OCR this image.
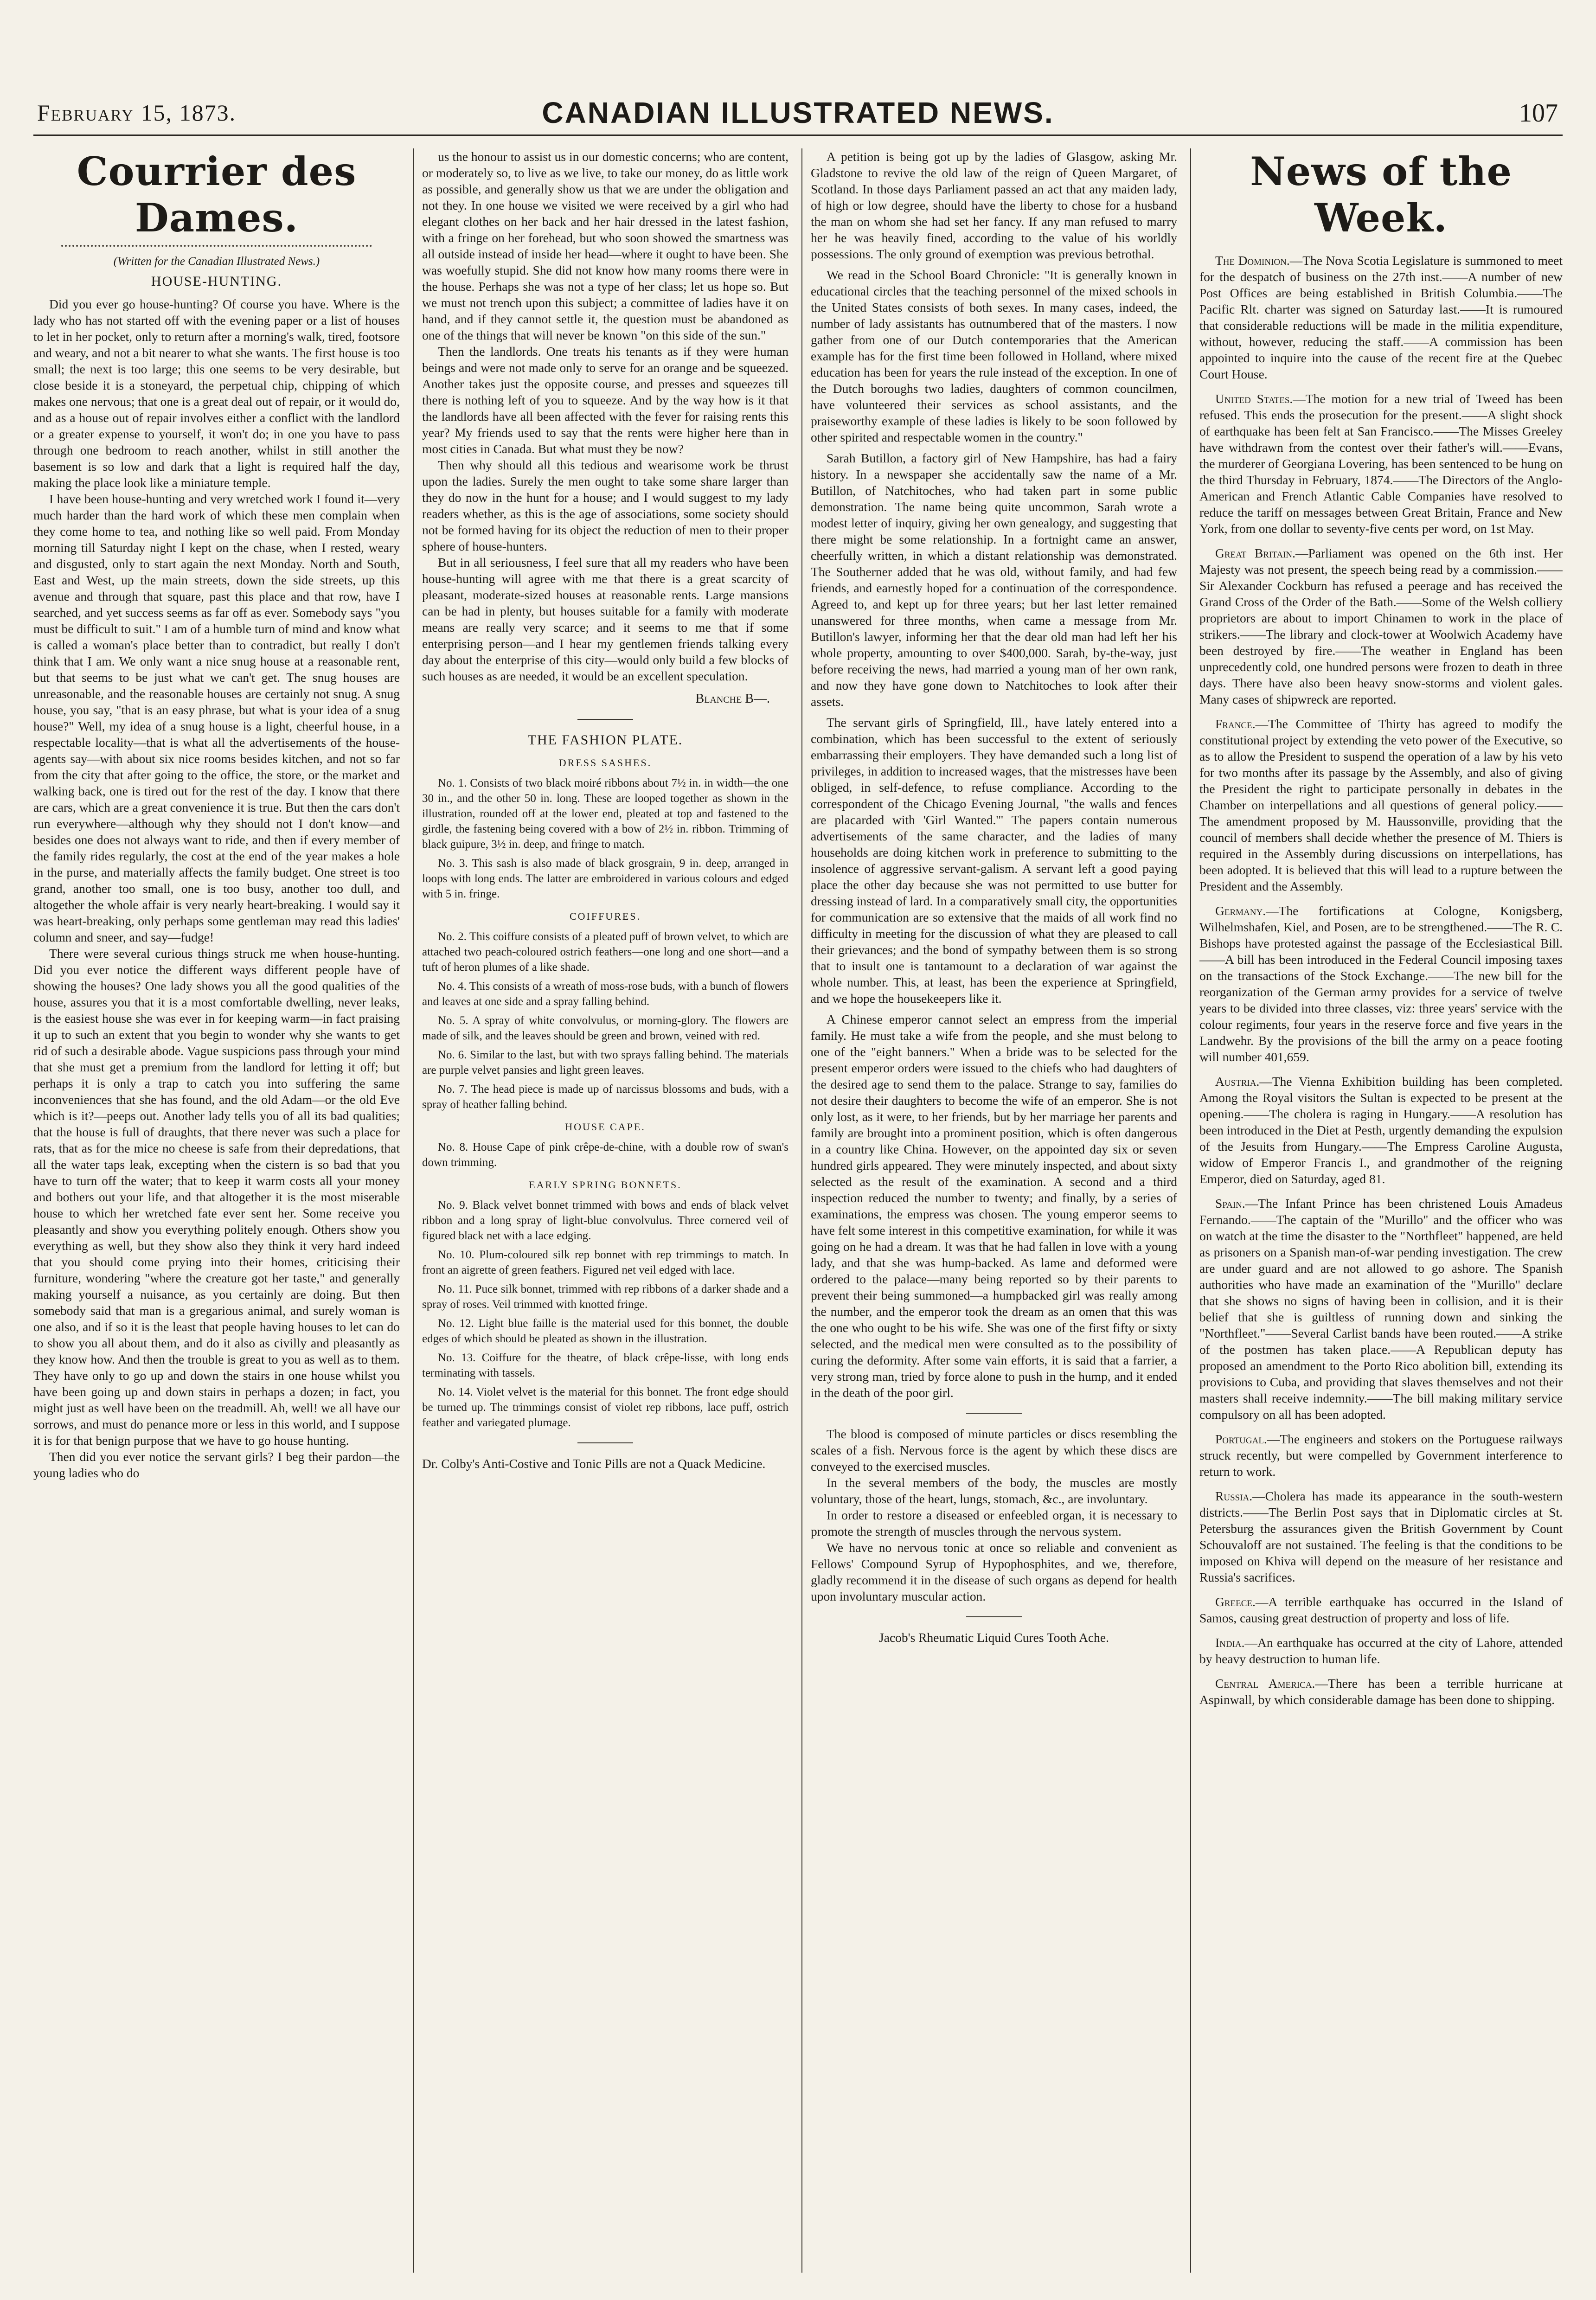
February 15, 1873.	CANADIAN ILLUSTRATED NEWS.	107
Courrier des Dames.
(Written for the Canadian Illustrated News.)
HOUSE-HUNTING.

Did you ever go house-hunting? Of course you have. Where is the lady who has not started off with the evening paper or a list of houses to let in her pocket, only to return after a morning's walk, tired, footsore and weary, and not a bit nearer to what she wants. The first house is too small; the next is too large; this one seems to be very desirable, but close beside it is a stoneyard, the perpetual chip, chipping of which makes one nervous; that one is a great deal out of repair, or it would do, and as a house out of repair involves either a conflict with the landlord or a greater expense to yourself, it won't do; in one you have to pass through one bedroom to reach another, whilst in still another the basement is so low and dark that a light is required half the day, making the place look like a miniature temple.

I have been house-hunting and very wretched work I found it—very much harder than the hard work of which these men complain when they come home to tea, and nothing like so well paid. From Monday morning till Saturday night I kept on the chase, when I rested, weary and disgusted, only to start again the next Monday. North and South, East and West, up the main streets, down the side streets, up this avenue and through that square, past this place and that row, have I searched, and yet success seems as far off as ever. Somebody says "you must be difficult to suit." I am of a humble turn of mind and know what is called a woman's place better than to contradict, but really I don't think that I am. We only want a nice snug house at a reasonable rent, but that seems to be just what we can't get. The snug houses are unreasonable, and the reasonable houses are certainly not snug. A snug house, you say, "that is an easy phrase, but what is your idea of a snug house?" Well, my idea of a snug house is a light, cheerful house, in a respectable locality—that is what all the advertisements of the house-agents say—with about six nice rooms besides kitchen, and not so far from the city that after going to the office, the store, or the market and walking back, one is tired out for the rest of the day. I know that there are cars, which are a great convenience it is true. But then the cars don't run everywhere—although why they should not I don't know—and besides one does not always want to ride, and then if every member of the family rides regularly, the cost at the end of the year makes a hole in the purse, and materially affects the family budget. One street is too grand, another too small, one is too busy, another too dull, and altogether the whole affair is very nearly heart-breaking. I would say it was heart-breaking, only perhaps some gentleman may read this ladies' column and sneer, and say—fudge!

There were several curious things struck me when house-hunting. Did you ever notice the different ways different people have of showing the houses? One lady shows you all the good qualities of the house, assures you that it is a most comfortable dwelling, never leaks, is the easiest house she was ever in for keeping warm—in fact praising it up to such an extent that you begin to wonder why she wants to get rid of such a desirable abode. Vague suspicions pass through your mind that she must get a premium from the landlord for letting it off; but perhaps it is only a trap to catch you into suffering the same inconveniences that she has found, and the old Adam—or the old Eve which is it?—peeps out. Another lady tells you of all its bad qualities; that the house is full of draughts, that there never was such a place for rats, that as for the mice no cheese is safe from their depredations, that all the water taps leak, excepting when the cistern is so bad that you have to turn off the water; that to keep it warm costs all your money and bothers out your life, and that altogether it is the most miserable house to which her wretched fate ever sent her. Some receive you pleasantly and show you everything politely enough. Others show you everything as well, but they show also they think it very hard indeed that you should come prying into their homes, criticising their furniture, wondering "where the creature got her taste," and generally making yourself a nuisance, as you certainly are doing. But then somebody said that man is a gregarious animal, and surely woman is one also, and if so it is the least that people having houses to let can do to show you all about them, and do it also as civilly and pleasantly as they know how. And then the trouble is great to you as well as to them. They have only to go up and down the stairs in one house whilst you have been going up and down stairs in perhaps a dozen; in fact, you might just as well have been on the treadmill. Ah, well! we all have our sorrows, and must do penance more or less in this world, and I suppose it is for that benign purpose that we have to go house hunting.

Then did you ever notice the servant girls? I beg their pardon—the young ladies who do

us the honour to assist us in our domestic concerns; who are content, or moderately so, to live as we live, to take our money, do as little work as possible, and generally show us that we are under the obligation and not they. In one house we visited we were received by a girl who had elegant clothes on her back and her hair dressed in the latest fashion, with a fringe on her forehead, but who soon showed the smartness was all outside instead of inside her head—where it ought to have been. She was woefully stupid. She did not know how many rooms there were in the house. Perhaps she was not a type of her class; let us hope so. But we must not trench upon this subject; a committee of ladies have it on hand, and if they cannot settle it, the question must be abandoned as one of the things that will never be known "on this side of the sun."

Then the landlords. One treats his tenants as if they were human beings and were not made only to serve for an orange and be squeezed. Another takes just the opposite course, and presses and squeezes till there is nothing left of you to squeeze. And by the way how is it that the landlords have all been affected with the fever for raising rents this year? My friends used to say that the rents were higher here than in most cities in Canada. But what must they be now?

Then why should all this tedious and wearisome work be thrust upon the ladies. Surely the men ought to take some share larger than they do now in the hunt for a house; and I would suggest to my lady readers whether, as this is the age of associations, some society should not be formed having for its object the reduction of men to their proper sphere of house-hunters.

But in all seriousness, I feel sure that all my readers who have been house-hunting will agree with me that there is a great scarcity of pleasant, moderate-sized houses at reasonable rents. Large mansions can be had in plenty, but houses suitable for a family with moderate means are really very scarce; and it seems to me that if some enterprising person—and I hear my gentlemen friends talking every day about the enterprise of this city—would only build a few blocks of such houses as are needed, it would be an excellent speculation.

Blanche B—.
THE FASHION PLATE.
DRESS SASHES.

No. 1. Consists of two black moiré ribbons about 7½ in. in width—the one 30 in., and the other 50 in. long. These are looped together as shown in the illustration, rounded off at the lower end, pleated at top and fastened to the girdle, the fastening being covered with a bow of 2½ in. ribbon. Trimming of black guipure, 3½ in. deep, and fringe to match.

No. 3. This sash is also made of black grosgrain, 9 in. deep, arranged in loops with long ends. The latter are embroidered in various colours and edged with 5 in. fringe.

COIFFURES.

No. 2. This coiffure consists of a pleated puff of brown velvet, to which are attached two peach-coloured ostrich feathers—one long and one short—and a tuft of heron plumes of a like shade.

No. 4. This consists of a wreath of moss-rose buds, with a bunch of flowers and leaves at one side and a spray falling behind.

No. 5. A spray of white convolvulus, or morning-glory. The flowers are made of silk, and the leaves should be green and brown, veined with red.

No. 6. Similar to the last, but with two sprays falling behind. The materials are purple velvet pansies and light green leaves.

No. 7. The head piece is made up of narcissus blossoms and buds, with a spray of heather falling behind.

HOUSE CAPE.

No. 8. House Cape of pink crêpe-de-chine, with a double row of swan's down trimming.

EARLY SPRING BONNETS.

No. 9. Black velvet bonnet trimmed with bows and ends of black velvet ribbon and a long spray of light-blue convolvulus. Three cornered veil of figured black net with a lace edging.

No. 10. Plum-coloured silk rep bonnet with rep trimmings to match. In front an aigrette of green feathers. Figured net veil edged with lace.

No. 11. Puce silk bonnet, trimmed with rep ribbons of a darker shade and a spray of roses. Veil trimmed with knotted fringe.

No. 12. Light blue faille is the material used for this bonnet, the double edges of which should be pleated as shown in the illustration.

No. 13. Coiffure for the theatre, of black crêpe-lisse, with long ends terminating with tassels.

No. 14. Violet velvet is the material for this bonnet. The front edge should be turned up. The trimmings consist of violet rep ribbons, lace puff, ostrich feather and variegated plumage.

Dr. Colby's Anti-Costive and Tonic Pills are not a Quack Medicine.

A petition is being got up by the ladies of Glasgow, asking Mr. Gladstone to revive the old law of the reign of Queen Margaret, of Scotland. In those days Parliament passed an act that any maiden lady, of high or low degree, should have the liberty to chose for a husband the man on whom she had set her fancy. If any man refused to marry her he was heavily fined, according to the value of his worldly possessions. The only ground of exemption was previous betrothal.

We read in the School Board Chronicle: "It is generally known in educational circles that the teaching personnel of the mixed schools in the United States consists of both sexes. In many cases, indeed, the number of lady assistants has outnumbered that of the masters. I now gather from one of our Dutch contemporaries that the American example has for the first time been followed in Holland, where mixed education has been for years the rule instead of the exception. In one of the Dutch boroughs two ladies, daughters of common councilmen, have volunteered their services as school assistants, and the praiseworthy example of these ladies is likely to be soon followed by other spirited and respectable women in the country."

Sarah Butillon, a factory girl of New Hampshire, has had a fairy history. In a newspaper she accidentally saw the name of a Mr. Butillon, of Natchitoches, who had taken part in some public demonstration. The name being quite uncommon, Sarah wrote a modest letter of inquiry, giving her own genealogy, and suggesting that there might be some relationship. In a fortnight came an answer, cheerfully written, in which a distant relationship was demonstrated. The Southerner added that he was old, without family, and had few friends, and earnestly hoped for a continuation of the correspondence. Agreed to, and kept up for three years; but her last letter remained unanswered for three months, when came a message from Mr. Butillon's lawyer, informing her that the dear old man had left her his whole property, amounting to over $400,000. Sarah, by-the-way, just before receiving the news, had married a young man of her own rank, and now they have gone down to Natchitoches to look after their assets.

The servant girls of Springfield, Ill., have lately entered into a combination, which has been successful to the extent of seriously embarrassing their employers. They have demanded such a long list of privileges, in addition to increased wages, that the mistresses have been obliged, in self-defence, to refuse compliance. According to the correspondent of the Chicago Evening Journal, "the walls and fences are placarded with 'Girl Wanted.'" The papers contain numerous advertisements of the same character, and the ladies of many households are doing kitchen work in preference to submitting to the insolence of aggressive servant-galism. A servant left a good paying place the other day because she was not permitted to use butter for dressing instead of lard. In a comparatively small city, the opportunities for communication are so extensive that the maids of all work find no difficulty in meeting for the discussion of what they are pleased to call their grievances; and the bond of sympathy between them is so strong that to insult one is tantamount to a declaration of war against the whole number. This, at least, has been the experience at Springfield, and we hope the housekeepers like it.

A Chinese emperor cannot select an empress from the imperial family. He must take a wife from the people, and she must belong to one of the "eight banners." When a bride was to be selected for the present emperor orders were issued to the chiefs who had daughters of the desired age to send them to the palace. Strange to say, families do not desire their daughters to become the wife of an emperor. She is not only lost, as it were, to her friends, but by her marriage her parents and family are brought into a prominent position, which is often dangerous in a country like China. However, on the appointed day six or seven hundred girls appeared. They were minutely inspected, and about sixty selected as the result of the examination. A second and a third inspection reduced the number to twenty; and finally, by a series of examinations, the empress was chosen. The young emperor seems to have felt some interest in this competitive examination, for while it was going on he had a dream. It was that he had fallen in love with a young lady, and that she was hump-backed. As lame and deformed were ordered to the palace—many being reported so by their parents to prevent their being summoned—a humpbacked girl was really among the number, and the emperor took the dream as an omen that this was the one who ought to be his wife. She was one of the first fifty or sixty selected, and the medical men were consulted as to the possibility of curing the deformity. After some vain efforts, it is said that a farrier, a very strong man, tried by force alone to push in the hump, and it ended in the death of the poor girl.

The blood is composed of minute particles or discs resembling the scales of a fish. Nervous force is the agent by which these discs are conveyed to the exercised muscles.

In the several members of the body, the muscles are mostly voluntary, those of the heart, lungs, stomach, &c., are involuntary.

In order to restore a diseased or enfeebled organ, it is necessary to promote the strength of muscles through the nervous system.

We have no nervous tonic at once so reliable and convenient as Fellows' Compound Syrup of Hypophosphites, and we, therefore, gladly recommend it in the disease of such organs as depend for health upon involuntary muscular action.

Jacob's Rheumatic Liquid Cures Tooth Ache.

News of the Week.

The Dominion.—The Nova Scotia Legislature is summoned to meet for the despatch of business on the 27th inst.——A number of new Post Offices are being established in British Columbia.——The Pacific Rlt. charter was signed on Saturday last.——It is rumoured that considerable reductions will be made in the militia expenditure, without, however, reducing the staff.——A commission has been appointed to inquire into the cause of the recent fire at the Quebec Court House.

United States.—The motion for a new trial of Tweed has been refused. This ends the prosecution for the present.——A slight shock of earthquake has been felt at San Francisco.——The Misses Greeley have withdrawn from the contest over their father's will.——Evans, the murderer of Georgiana Lovering, has been sentenced to be hung on the third Thursday in February, 1874.——The Directors of the Anglo-American and French Atlantic Cable Companies have resolved to reduce the tariff on messages between Great Britain, France and New York, from one dollar to seventy-five cents per word, on 1st May.

Great Britain.—Parliament was opened on the 6th inst. Her Majesty was not present, the speech being read by a commission.——Sir Alexander Cockburn has refused a peerage and has received the Grand Cross of the Order of the Bath.——Some of the Welsh colliery proprietors are about to import Chinamen to work in the place of strikers.——The library and clock-tower at Woolwich Academy have been destroyed by fire.——The weather in England has been unprecedently cold, one hundred persons were frozen to death in three days. There have also been heavy snow-storms and violent gales. Many cases of shipwreck are reported.

France.—The Committee of Thirty has agreed to modify the constitutional project by extending the veto power of the Executive, so as to allow the President to suspend the operation of a law by his veto for two months after its passage by the Assembly, and also of giving the President the right to participate personally in debates in the Chamber on interpellations and all questions of general policy.——The amendment proposed by M. Haussonville, providing that the council of members shall decide whether the presence of M. Thiers is required in the Assembly during discussions on interpellations, has been adopted. It is believed that this will lead to a rupture between the President and the Assembly.

Germany.—The fortifications at Cologne, Konigsberg, Wilhelmshafen, Kiel, and Posen, are to be strengthened.——The R. C. Bishops have protested against the passage of the Ecclesiastical Bill.——A bill has been introduced in the Federal Council imposing taxes on the transactions of the Stock Exchange.——The new bill for the reorganization of the German army provides for a service of twelve years to be divided into three classes, viz: three years' service with the colour regiments, four years in the reserve force and five years in the Landwehr. By the provisions of the bill the army on a peace footing will number 401,659.

Austria.—The Vienna Exhibition building has been completed. Among the Royal visitors the Sultan is expected to be present at the opening.——The cholera is raging in Hungary.——A resolution has been introduced in the Diet at Pesth, urgently demanding the expulsion of the Jesuits from Hungary.——The Empress Caroline Augusta, widow of Emperor Francis I., and grandmother of the reigning Emperor, died on Saturday, aged 81.

Spain.—The Infant Prince has been christened Louis Amadeus Fernando.——The captain of the "Murillo" and the officer who was on watch at the time the disaster to the "Northfleet" happened, are held as prisoners on a Spanish man-of-war pending investigation. The crew are under guard and are not allowed to go ashore. The Spanish authorities who have made an examination of the "Murillo" declare that she shows no signs of having been in collision, and it is their belief that she is guiltless of running down and sinking the "Northfleet."——Several Carlist bands have been routed.——A strike of the postmen has taken place.——A Republican deputy has proposed an amendment to the Porto Rico abolition bill, extending its provisions to Cuba, and providing that slaves themselves and not their masters shall receive indemnity.——The bill making military service compulsory on all has been adopted.

Portugal.—The engineers and stokers on the Portuguese railways struck recently, but were compelled by Government interference to return to work.

Russia.—Cholera has made its appearance in the south-western districts.——The Berlin Post says that in Diplomatic circles at St. Petersburg the assurances given the British Government by Count Schouvaloff are not sustained. The feeling is that the conditions to be imposed on Khiva will depend on the measure of her resistance and Russia's sacrifices.

Greece.—A terrible earthquake has occurred in the Island of Samos, causing great destruction of property and loss of life.

India.—An earthquake has occurred at the city of Lahore, attended by heavy destruction to human life.

Central America.—There has been a terrible hurricane at Aspinwall, by which considerable damage has been done to shipping.
